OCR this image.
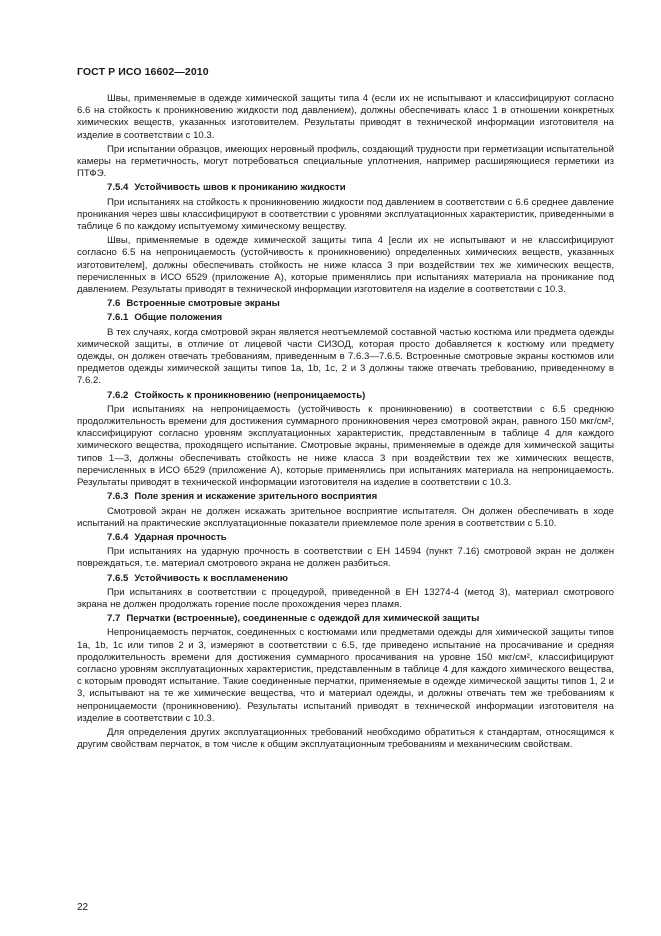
ГОСТ Р ИСО 16602—2010

Швы, применяемые в одежде химической защиты типа 4 (если их не испытывают и классифицируют согласно 6.6 на стойкость к проникновению жидкости под давлением), должны обеспечивать класс 1 в отношении конкретных химических веществ, указанных изготовителем. Результаты приводят в технической информации изготовителя на изделие в соответствии с 10.3.

При испытании образцов, имеющих неровный профиль, создающий трудности при герметизации испытательной камеры на герметичность, могут потребоваться специальные уплотнения, например расширяющиеся герметики из ПТФЭ.

7.5.4 Устойчивость швов к прониканию жидкости

При испытаниях на стойкость к проникновению жидкости под давлением в соответствии с 6.6 среднее давление проникания через швы классифицируют в соответствии с уровнями эксплуатационных характеристик, приведенными в таблице 6 по каждому испытуемому химическому веществу.

Швы, применяемые в одежде химической защиты типа 4 [если их не испытывают и не классифицируют согласно 6.5 на непроницаемость (устойчивость к проникновению) определенных химических веществ, указанных изготовителем], должны обеспечивать стойкость не ниже класса 3 при воздействии тех же химических веществ, перечисленных в ИСО 6529 (приложение А), которые применялись при испытаниях материала на проникание под давлением. Результаты приводят в технической информации изготовителя на изделие в соответствии с 10.3.

7.6 Встроенные смотровые экраны
7.6.1 Общие положения

В тех случаях, когда смотровой экран является неотъемлемой составной частью костюма или предмета одежды химической защиты, в отличие от лицевой части СИЗОД, которая просто добавляется к костюму или предмету одежды, он должен отвечать требованиям, приведенным в 7.6.3—7.6.5. Встроенные смотровые экраны костюмов или предметов одежды химической защиты типов 1а, 1b, 1с, 2 и 3 должны также отвечать требованию, приведенному в 7.6.2.

7.6.2 Стойкость к проникновению (непроницаемость)

При испытаниях на непроницаемость (устойчивость к проникновению) в соответствии с 6.5 среднюю продолжительность времени для достижения суммарного проникновения через смотровой экран, равного 150 мкг/см², классифицируют согласно уровням эксплуатационных характеристик, представленным в таблице 4 для каждого химического вещества, проходящего испытание. Смотровые экраны, применяемые в одежде для химической защиты типов 1—3, должны обеспечивать стойкость не ниже класса 3 при воздействии тех же химических веществ, перечисленных в ИСО 6529 (приложение А), которые применялись при испытаниях материала на непроницаемость. Результаты приводят в технической информации изготовителя на изделие в соответствии с 10.3.

7.6.3 Поле зрения и искажение зрительного восприятия

Смотровой экран не должен искажать зрительное восприятие испытателя. Он должен обеспечивать в ходе испытаний на практические эксплуатационные показатели приемлемое поле зрения в соответствии с 5.10.

7.6.4 Ударная прочность

При испытаниях на ударную прочность в соответствии с ЕН 14594 (пункт 7.16) смотровой экран не должен повреждаться, т.е. материал смотрового экрана не должен разбиться.

7.6.5 Устойчивость к воспламенению

При испытаниях в соответствии с процедурой, приведенной в ЕН 13274-4 (метод 3), материал смотрового экрана не должен продолжать горение после прохождения через пламя.

7.7 Перчатки (встроенные), соединенные с одеждой для химической защиты

Непроницаемость перчаток, соединенных с костюмами или предметами одежды для химической защиты типов 1а, 1b, 1с или типов 2 и 3, измеряют в соответствии с 6.5, где приведено испытание на просачивание и средняя продолжительность времени для достижения суммарного просачивания на уровне 150 мкг/см², классифицируют согласно уровням эксплуатационных характеристик, представленным в таблице 4 для каждого химического вещества, с которым проводят испытание. Такие соединенные перчатки, применяемые в одежде химической защиты типов 1, 2 и 3, испытывают на те же химические вещества, что и материал одежды, и должны отвечать тем же требованиям к непроницаемости (проникновению). Результаты испытаний приводят в технической информации изготовителя на изделие в соответствии с 10.3.

Для определения других эксплуатационных требований необходимо обратиться к стандартам, относящимся к другим свойствам перчаток, в том числе к общим эксплуатационным требованиям и механическим свойствам.

22
